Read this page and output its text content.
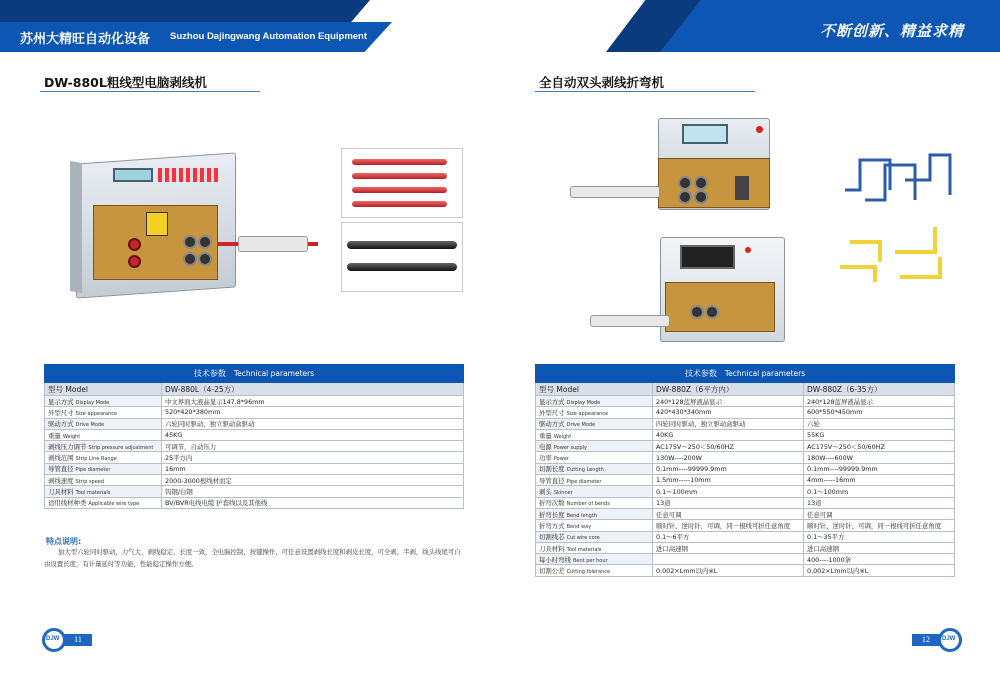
苏州大精旺自动化设备 Suzhou Dajingwang Automation Equipment	不断创新、精益求精
DW-880L粗线型电脑剥线机
技术参数 Technical parameters	
型号 Model	DW-880L（4-25方）
显示方式 Display Mode	中文界面大液晶显示147.8*96mm
外型尺寸 Size appearance	520*420*380mm
驱动方式 Drive Mode	六轮同时驱动，独立驱动盒驱动
重量 Weight	45KG
剥线压力调节 Strip pressure adjustment	可调节，自动压力
剥线范围 Strip Line Range	25平方内
导管直径 Pipe diameter	16mm
剥线速度 Strip speed	2000-3000根线材而定
刀具材料 Tool materials	钨钢/白钢
适用线材种类 Applicable wire type	BV/BVR电线电缆 护套线以及其他线
特点说明:
加大型六轮同时驱动，力气大，剥线稳定，长度一致，全电脑控制，按键操作，可任意设置剥线长度和剥皮长度，可全剥，半剥，线头线尾可自由设置长度，有计量延时等功能，性能稳定操作方便。
DJW	11
全自动双头剥线折弯机
技术参数 Technical parameters		
型号 Model	DW-880Z（6平方内）	DW-880Z（6-35方）
显示方式 Display Mode	240*128蓝屏液晶显示	240*128蓝屏液晶显示
外型尺寸 Size appearance	420*430*340mm	600*550*450mm
驱动方式 Drive Mode	四轮同时驱动，独立驱动盒驱动	六轮
重量 Weight	40KG	55KG
电源 Power supply	AC175V～250＜50/60HZ	AC175V～250＜50/60HZ
功率 Power	130W----200W	180W----600W
切割长度 Cutting Length	0.1mm----99999.9mm	0.1mm----99999.9mm
导管直径 Pipe diameter	1.5mm-----10mm	4mm-----16mm
剥头 Skinner	0.1～100mm	0.1～100mm
折弯次数 Number of bends	13道	13道
折弯长度 Bend length	任意可调	任意可调
折弯方式 Bend way	顺时针、逆时针，可调，同一根线可折任意角度	顺时针、逆时针，可调，同一根线可折任意角度
切割线芯 Cut wire core	0.1～6平方	0.1～35平方
刀具材料 Tool materials	进口高速钢	进口高速钢
每小时弯线 Bent per hour		400----1000条
切割公差 Cutting tolerance	0.002×Lmm以内※L	0.002×Lmm以内※L
12	DJW
